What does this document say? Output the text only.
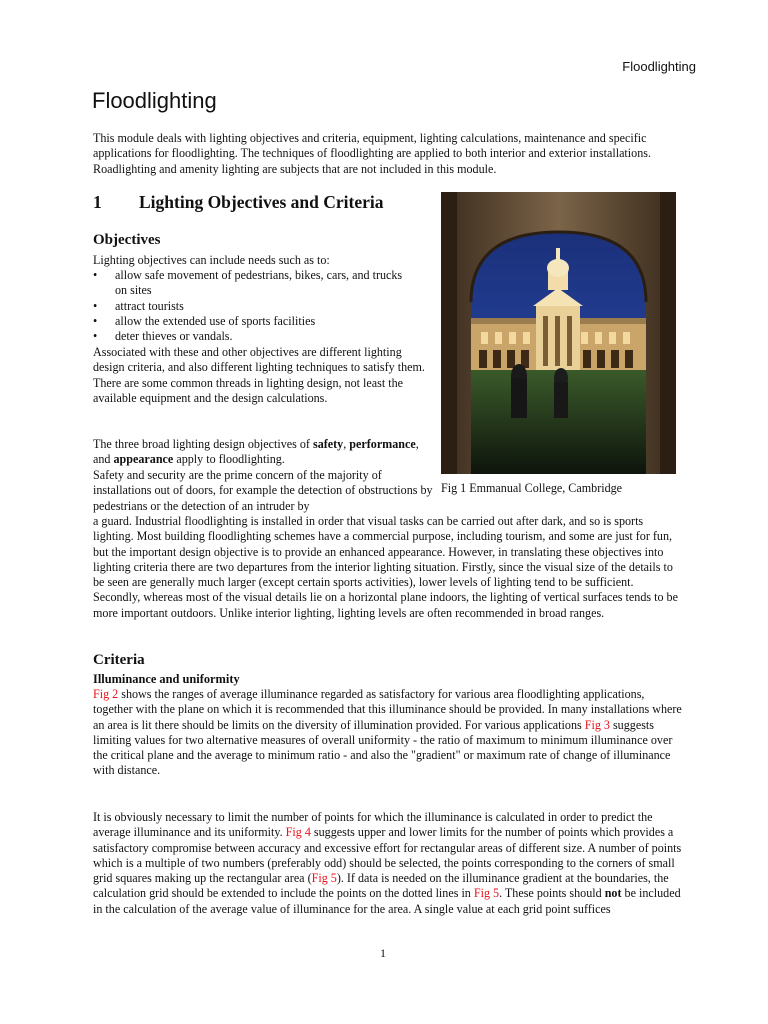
Floodlighting
Floodlighting

This module deals with lighting objectives and criteria, equipment, lighting calculations, maintenance and specific applications for floodlighting. The techniques of floodlighting are applied to both interior and exterior installations. Roadlighting and amenity lighting are subjects that are not included in this module.

1 Lighting Objectives and Criteria
Objectives

Lighting objectives can include needs such as to:

• allow safe movement of pedestrians, bikes, cars, and trucks on sites
• attract tourists
• allow the extended use of sports facilities
• deter thieves or vandals.

Associated with these and other objectives are different lighting design criteria, and also different lighting techniques to satisfy them. There are some common threads in lighting design, not least the available equipment and the design calculations.

The three broad lighting design objectives of safety, performance, and appearance apply to floodlighting.

Safety and security are the prime concern of the majority of installations out of doors, for example the detection of obstructions by pedestrians or the detection of an intruder by

a guard. Industrial floodlighting is installed in order that visual tasks can be carried out after dark, and so is sports lighting. Most building floodlighting schemes have a commercial purpose, including tourism, and some are just for fun, but the important design objective is to provide an enhanced appearance. However, in translating these objectives into lighting criteria there are two departures from the interior lighting situation. Firstly, since the visual size of the details to be seen are generally much larger (except certain sports activities), lower levels of lighting tend to be sufficient. Secondly, whereas most of the visual details lie on a horizontal plane indoors, the lighting of vertical surfaces tends to be more important outdoors. Unlike interior lighting, lighting levels are often recommended in broad ranges.

Fig 1 Emmanual College, Cambridge
Criteria
Illuminance and uniformity

Fig 2 shows the ranges of average illuminance regarded as satisfactory for various area floodlighting applications, together with the plane on which it is recommended that this illuminance should be provided. In many installations where an area is lit there should be limits on the diversity of illumination provided. For various applications Fig 3 suggests limiting values for two alternative measures of overall uniformity - the ratio of maximum to minimum illuminance over the critical plane and the average to minimum ratio - and also the "gradient" or maximum rate of change of illuminance with distance.

It is obviously necessary to limit the number of points for which the illuminance is calculated in order to predict the average illuminance and its uniformity. Fig 4 suggests upper and lower limits for the number of points which provides a satisfactory compromise between accuracy and excessive effort for rectangular areas of different size. A number of points which is a multiple of two numbers (preferably odd) should be selected, the points corresponding to the corners of small grid squares making up the rectangular area (Fig 5). If data is needed on the illuminance gradient at the boundaries, the calculation grid should be extended to include the points on the dotted lines in Fig 5. These points should not be included in the calculation of the average value of illuminance for the area. A single value at each grid point suffices

1
